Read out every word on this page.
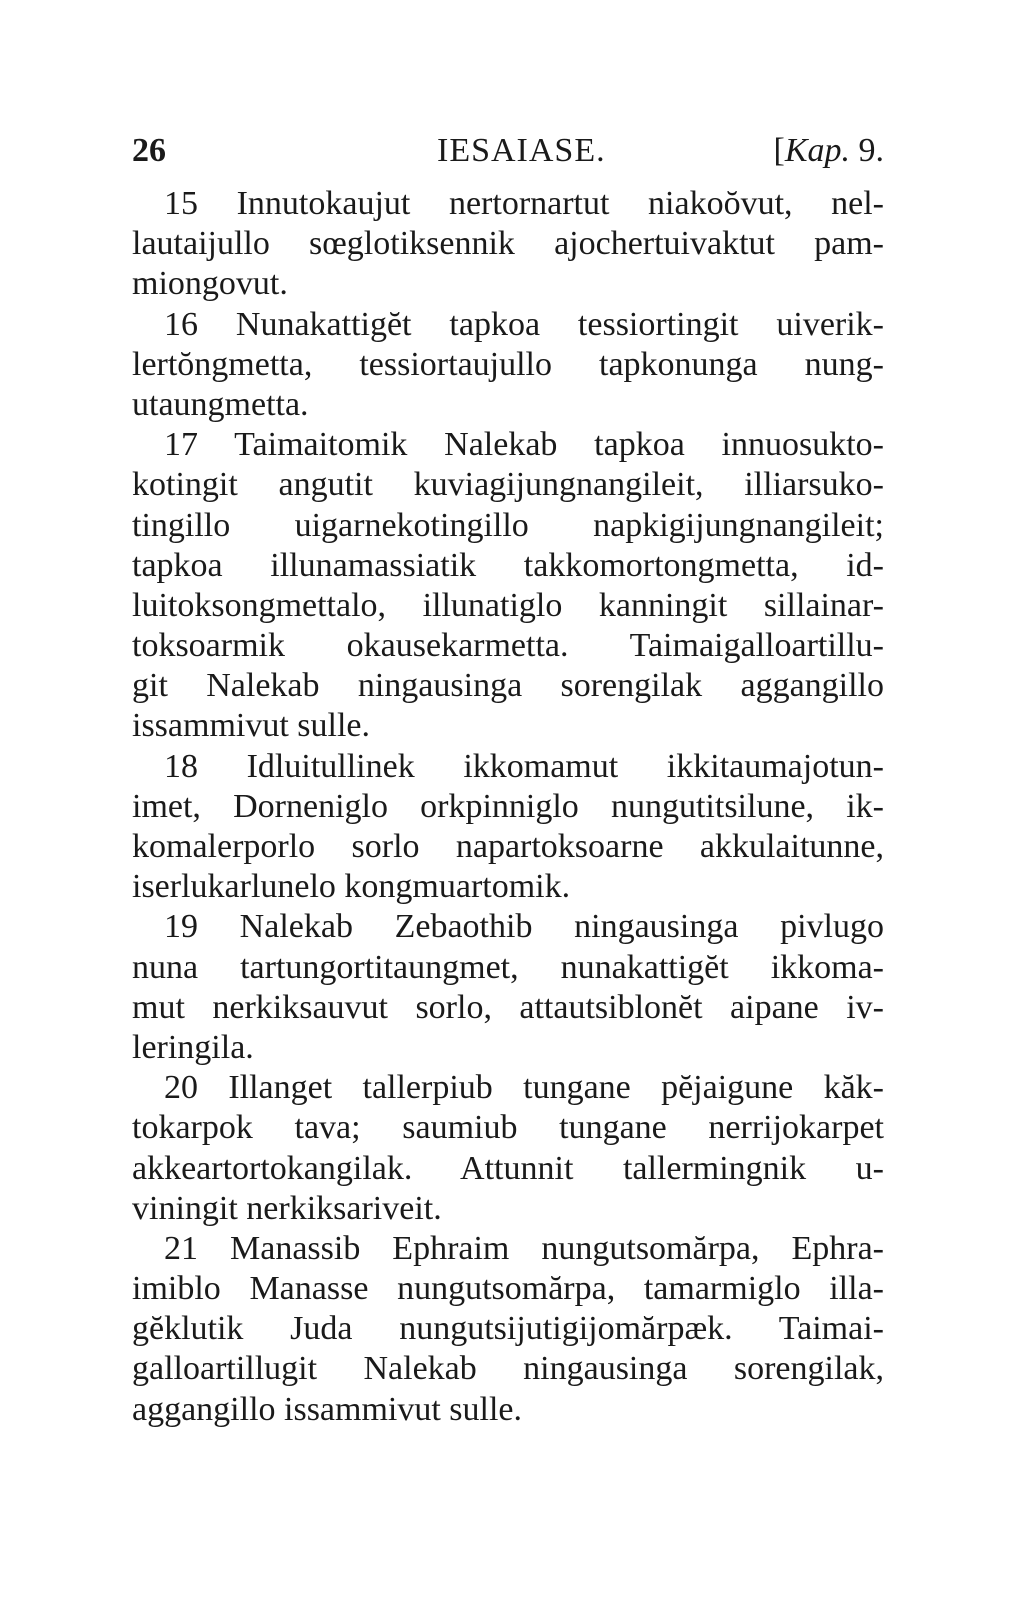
26	IESAIASE.	[Kap. 9.
15 Innutokaujut nertornartut niakoŏvut, nel-
lautaijullo sœglotiksennik ajochertuivaktut pam-
miongovut.
16 Nunakattigĕt tapkoa tessiortingit uiverik-
lertŏngmetta, tessiortaujullo tapkonunga nung-
utaungmetta.
17 Taimaitomik Nalekab tapkoa innuosukto-
kotingit angutit kuviagijungnangileit, illiarsuko-
tingillo uigarnekotingillo napkigijungnangileit;
tapkoa illunamassiatik takkomortongmetta, id-
luitoksongmettalo, illunatiglo kanningit sillainar-
toksoarmik okausekarmetta. Taimaigalloartillu-
git Nalekab ningausinga sorengilak aggangillo
issammivut sulle.
18 Idluitullinek ikkomamut ikkitaumajotun-
imet, Dorneniglo orkpinniglo nungutitsilune, ik-
komalerporlo sorlo napartoksoarne akkulaitunne,
iserlukarlunelo kongmuartomik.
19 Nalekab Zebaothib ningausinga pivlugo
nuna tartungortitaungmet, nunakattigĕt ikkoma-
mut nerkiksauvut sorlo, attautsiblonĕt aipane iv-
leringila.
20 Illanget tallerpiub tungane pĕjaigune kăk-
tokarpok tava; saumiub tungane nerrijokarpet
akkeartortokangilak. Attunnit tallermingnik u-
viningit nerkiksariveit.
21 Manassib Ephraim nungutsomărpa, Ephra-
imiblo Manasse nungutsomărpa, tamarmiglo illa-
gĕklutik Juda nungutsijutigijomărpæk. Taimai-
galloartillugit Nalekab ningausinga sorengilak,
aggangillo issammivut sulle.
